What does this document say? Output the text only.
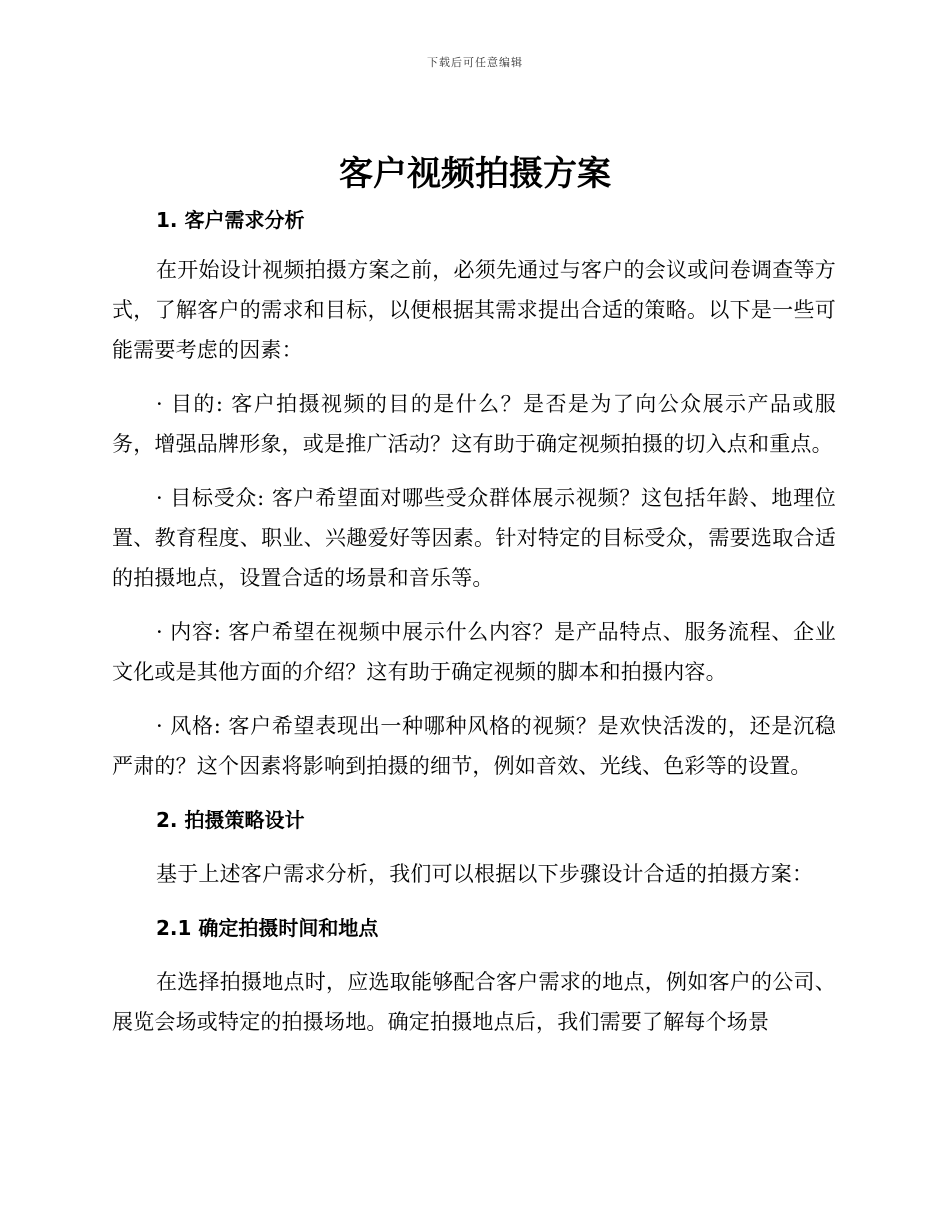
下载后可任意编辑
客户视频拍摄方案

1. 客户需求分析

在开始设计视频拍摄方案之前，必须先通过与客户的会议或问卷调查等方式，了解客户的需求和目标，以便根据其需求提出合适的策略。以下是一些可能需要考虑的因素：

· 目的: 客户拍摄视频的目的是什么？是否是为了向公众展示产品或服务，增强品牌形象，或是推广活动？这有助于确定视频拍摄的切入点和重点。

· 目标受众: 客户希望面对哪些受众群体展示视频？这包括年龄、地理位置、教育程度、职业、兴趣爱好等因素。针对特定的目标受众，需要选取合适的拍摄地点，设置合适的场景和音乐等。

· 内容: 客户希望在视频中展示什么内容？是产品特点、服务流程、企业文化或是其他方面的介绍？这有助于确定视频的脚本和拍摄内容。

· 风格: 客户希望表现出一种哪种风格的视频？是欢快活泼的，还是沉稳严肃的？这个因素将影响到拍摄的细节，例如音效、光线、色彩等的设置。

2. 拍摄策略设计

基于上述客户需求分析，我们可以根据以下步骤设计合适的拍摄方案：

2.1 确定拍摄时间和地点

在选择拍摄地点时，应选取能够配合客户需求的地点，例如客户的公司、展览会场或特定的拍摄场地。确定拍摄地点后，我们需要了解每个场景
